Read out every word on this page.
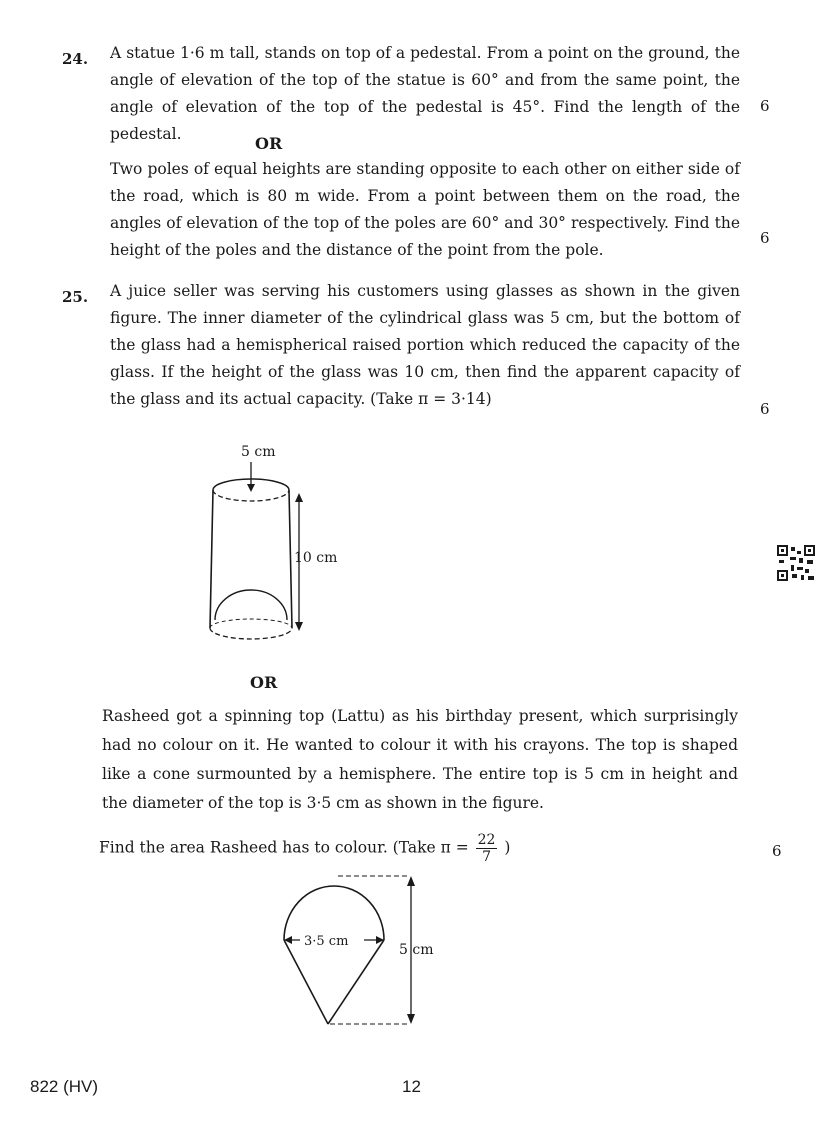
24. A statue 1·6 m tall, stands on top of a pedestal. From a point on the ground, the angle of elevation of the top of the statue is 60° and from the same point, the angle of elevation of the top of the pedestal is 45°. Find the length of the pedestal.
6
OR
Two poles of equal heights are standing opposite to each other on either side of the road, which is 80 m wide. From a point between them on the road, the angles of elevation of the top of the poles are 60° and 30° respectively. Find the height of the poles and the distance of the point from the pole.
6
25. A juice seller was serving his customers using glasses as shown in the given figure. The inner diameter of the cylindrical glass was 5 cm, but the bottom of the glass had a hemispherical raised portion which reduced the capacity of the glass. If the height of the glass was 10 cm, then find the apparent capacity of the glass and its actual capacity. (Take π = 3·14)
6
5 cm
10 cm
OR
Rasheed got a spinning top (Lattu) as his birthday present, which surprisingly had no colour on it. He wanted to colour it with his crayons. The top is shaped like a cone surmounted by a hemisphere. The entire top is 5 cm in height and the diameter of the top is 3·5 cm as shown in the figure.
Find the area Rasheed has to colour. (Take $\pi = \frac{22}{7}$ )	6
3·5 cm
5 cm
822 (HV)	12
